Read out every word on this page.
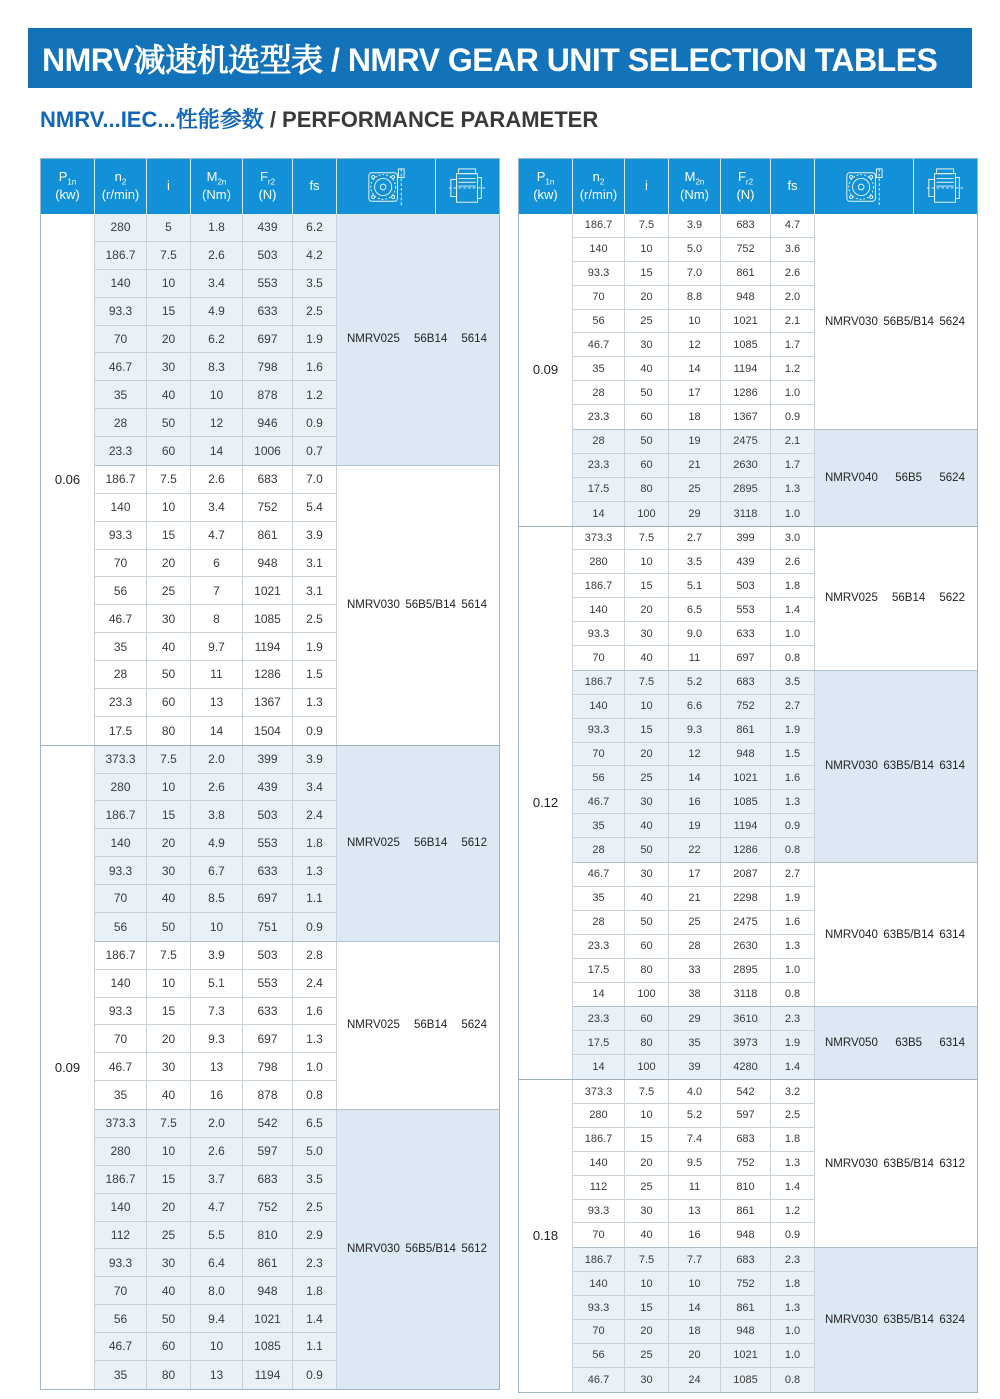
NMRV减速机选型表 / NMRV GEAR UNIT SELECTION TABLES
NMRV...IEC...性能参数 / PERFORMANCE PARAMETER
$P_{1n}$
(kw)
$n_2$
(r/min)
i
$M_{2n}$
(Nm)
$F_{r2}$
(N)
fs
0.06
280	5	1.8	439	6.2
186.7	7.5	2.6	503	4.2
140	10	3.4	553	3.5
93.3	15	4.9	633	2.5
70	20	6.2	697	1.9
46.7	30	8.3	798	1.6
35	40	10	878	1.2
28	50	12	946	0.9
23.3	60	14	1006	0.7
NMRV025 56B14 5614
186.7	7.5	2.6	683	7.0
140	10	3.4	752	5.4
93.3	15	4.7	861	3.9
70	20	6	948	3.1
56	25	7	1021	3.1
46.7	30	8	1085	2.5
35	40	9.7	1194	1.9
28	50	11	1286	1.5
23.3	60	13	1367	1.3
17.5	80	14	1504	0.9
NMRV030 56B5/B14 5614
0.09
373.3	7.5	2.0	399	3.9
280	10	2.6	439	3.4
186.7	15	3.8	503	2.4
140	20	4.9	553	1.8
93.3	30	6.7	633	1.3
70	40	8.5	697	1.1
56	50	10	751	0.9
NMRV025 56B14 5612
186.7	7.5	3.9	503	2.8
140	10	5.1	553	2.4
93.3	15	7.3	633	1.6
70	20	9.3	697	1.3
46.7	30	13	798	1.0
35	40	16	878	0.8
NMRV025 56B14 5624
373.3	7.5	2.0	542	6.5
280	10	2.6	597	5.0
186.7	15	3.7	683	3.5
140	20	4.7	752	2.5
112	25	5.5	810	2.9
93.3	30	6.4	861	2.3
70	40	8.0	948	1.8
56	50	9.4	1021	1.4
46.7	60	10	1085	1.1
35	80	13	1194	0.9
NMRV030 56B5/B14 5612
$P_{1n}$
(kw)
$n_2$
(r/min)
i
$M_{2n}$
(Nm)
$F_{r2}$
(N)
fs
0.09
186.7	7.5	3.9	683	4.7
140	10	5.0	752	3.6
93.3	15	7.0	861	2.6
70	20	8.8	948	2.0
56	25	10	1021	2.1
46.7	30	12	1085	1.7
35	40	14	1194	1.2
28	50	17	1286	1.0
23.3	60	18	1367	0.9
NMRV030 56B5/B14 5624
28	50	19	2475	2.1
23.3	60	21	2630	1.7
17.5	80	25	2895	1.3
14	100	29	3118	1.0
NMRV040 56B5 5624
0.12
373.3	7.5	2.7	399	3.0
280	10	3.5	439	2.6
186.7	15	5.1	503	1.8
140	20	6.5	553	1.4
93.3	30	9.0	633	1.0
70	40	11	697	0.8
NMRV025 56B14 5622
186.7	7.5	5.2	683	3.5
140	10	6.6	752	2.7
93.3	15	9.3	861	1.9
70	20	12	948	1.5
56	25	14	1021	1.6
46.7	30	16	1085	1.3
35	40	19	1194	0.9
28	50	22	1286	0.8
NMRV030 63B5/B14 6314
46.7	30	17	2087	2.7
35	40	21	2298	1.9
28	50	25	2475	1.6
23.3	60	28	2630	1.3
17.5	80	33	2895	1.0
14	100	38	3118	0.8
NMRV040 63B5/B14 6314
23.3	60	29	3610	2.3
17.5	80	35	3973	1.9
14	100	39	4280	1.4
NMRV050 63B5 6314
0.18
373.3	7.5	4.0	542	3.2
280	10	5.2	597	2.5
186.7	15	7.4	683	1.8
140	20	9.5	752	1.3
112	25	11	810	1.4
93.3	30	13	861	1.2
70	40	16	948	0.9
NMRV030 63B5/B14 6312
186.7	7.5	7.7	683	2.3
140	10	10	752	1.8
93.3	15	14	861	1.3
70	20	18	948	1.0
56	25	20	1021	1.0
46.7	30	24	1085	0.8
NMRV030 63B5/B14 6324
